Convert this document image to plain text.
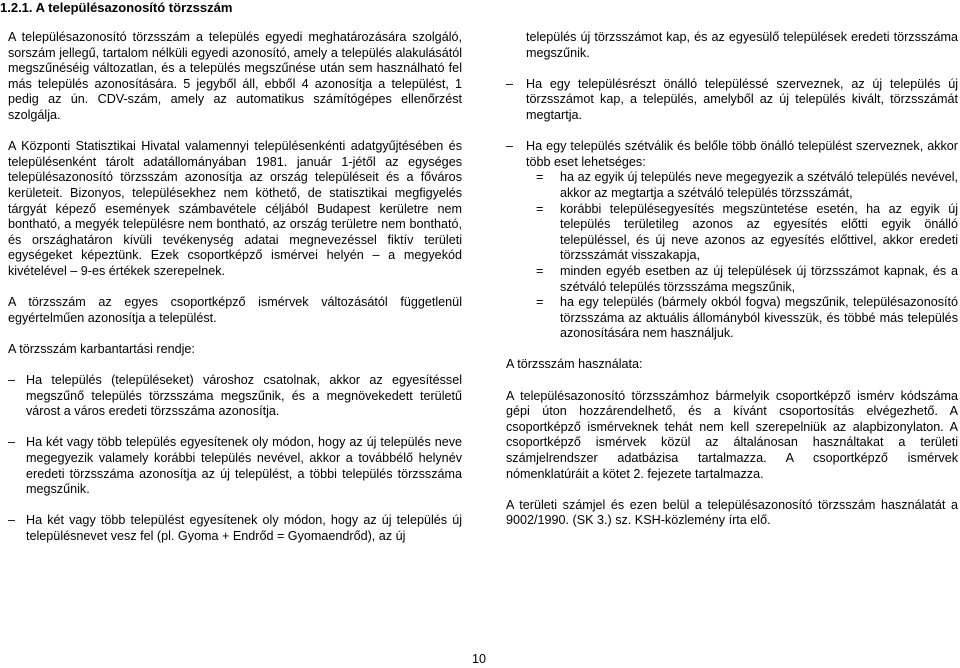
1.2.1. A településazonosító törzsszám

A településazonosító törzsszám a település egyedi meghatározására szolgáló, sorszám jellegű, tartalom nélküli egyedi azonosító, amely a település alakulásától megszűnéséig változatlan, és a település megszűnése után sem használható fel más település azonosítására. 5 jegyből áll, ebből 4 azonosítja a települést, 1 pedig az ún. CDV-szám, amely az automatikus számítógépes ellenőrzést szolgálja.

A Központi Statisztikai Hivatal valamennyi településenkénti adatgyűjtésében és településenként tárolt adatállományában 1981. január 1-jétől az egységes településazonosító törzsszám azonosítja az ország településeit és a főváros kerületeit. Bizonyos, településekhez nem köthető, de statisztikai megfigyelés tárgyát képező események számbavétele céljából Budapest kerületre nem bontható, a megyék településre nem bontható, az ország területre nem bontható, és országhatáron kívüli tevékenység adatai megnevezéssel fiktív területi egységeket képeztünk. Ezek csoportképző ismérvei helyén – a megyekód kivételével – 9-es értékek szerepelnek.

A törzsszám az egyes csoportképző ismérvek változásától függetlenül egyértelműen azonosítja a települést.

A törzsszám karbantartási rendje:

– Ha település (településeket) városhoz csatolnak, akkor az egyesítéssel megszűnő település törzsszáma megszűnik, és a megnövekedett területű várost a város eredeti törzsszáma azonosítja.
– Ha két vagy több település egyesítenek oly módon, hogy az új település neve megegyezik valamely korábbi település nevével, akkor a továbbélő helynév eredeti törzsszáma azonosítja az új települést, a többi település törzsszáma megszűnik.
– Ha két vagy több települést egyesítenek oly módon, hogy az új település új településnevet vesz fel (pl. Gyoma + Endrőd = Gyomaendrőd), az új

település új törzsszámot kap, és az egyesülő települések eredeti törzsszáma megszűnik.

– Ha egy településrészt önálló településsé szerveznek, az új település új törzsszámot kap, a település, amelyből az új település kivált, törzsszámát megtartja.
– Ha egy település szétválik és belőle több önálló települést szerveznek, akkor több eset lehetséges:
= ha az egyik új település neve megegyezik a szétváló település nevével, akkor az megtartja a szétváló település törzsszámát,
= korábbi településegyesítés megszüntetése esetén, ha az egyik új település területileg azonos az egyesítés előtti egyik önálló településsel, és új neve azonos az egyesítés előttivel, akkor eredeti törzsszámát visszakapja,
= minden egyéb esetben az új települések új törzsszámot kapnak, és a szétváló település törzsszáma megszűnik,
= ha egy település (bármely okból fogva) megszűnik, településazonosító törzsszáma az aktuális állományból kivesszük, és többé más település azonosítására nem használjuk.

A törzsszám használata:

A településazonosító törzsszámhoz bármelyik csoportképző ismérv kódszáma gépi úton hozzárendelhető, és a kívánt csoportosítás elvégezhető. A csoportképző ismérveknek tehát nem kell szerepelniük az alapbizonylaton. A csoportképző ismérvek közül az általánosan használtakat a területi számjelrendszer adatbázisa tartalmazza. A csoportképző ismérvek nómenklatúráit a kötet 2. fejezete tartalmazza.

A területi számjel és ezen belül a településazonosító törzsszám használatát a 9002/1990. (SK 3.) sz. KSH-közlemény írta elő.

10
